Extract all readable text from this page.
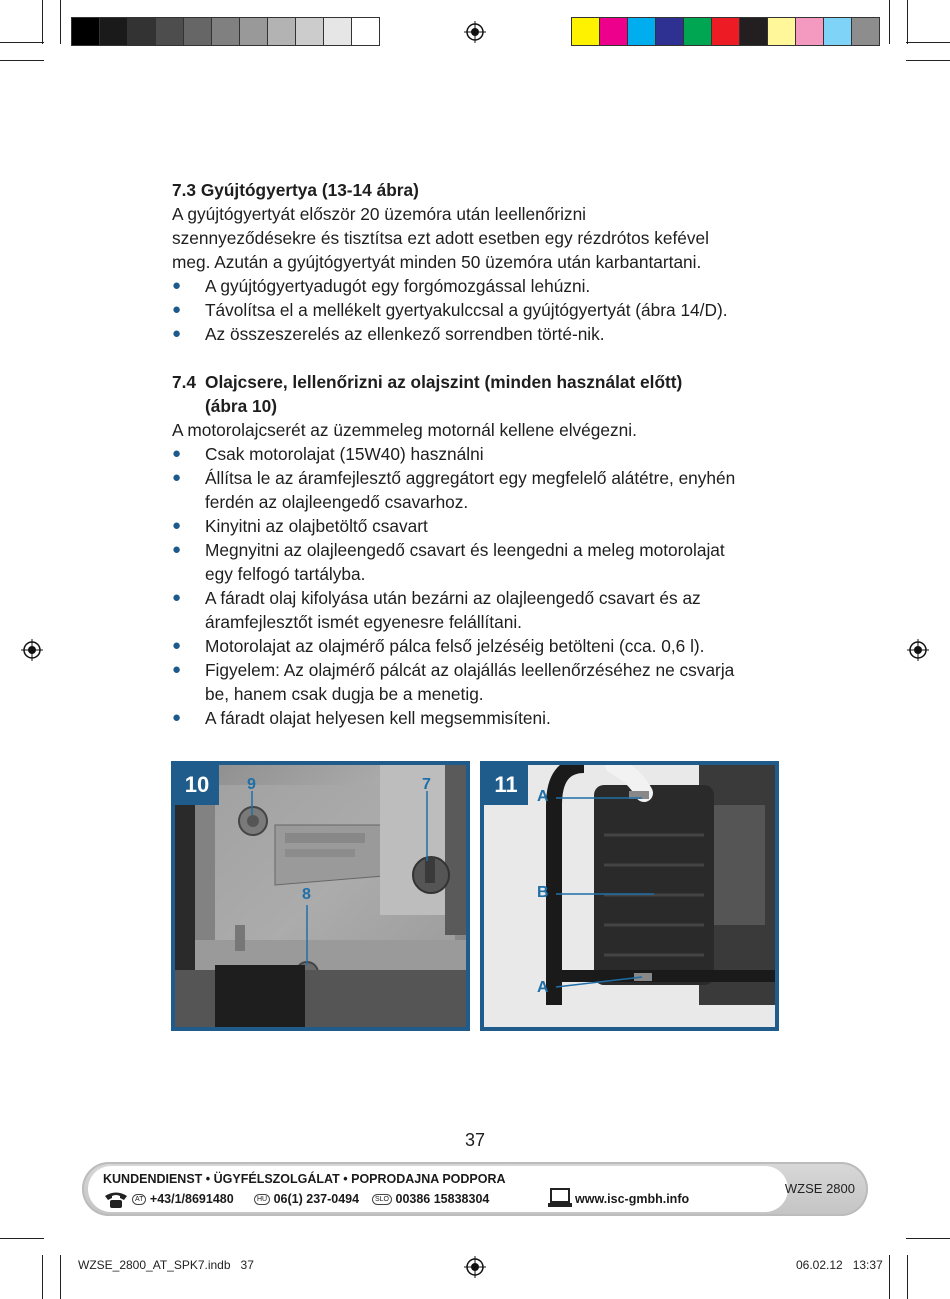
7.3 Gyújtógyertya (13-14 ábra)

A gyújtógyertyát először 20 üzemóra után leellenőrizni

szennyeződésekre és tisztítsa ezt adott esetben egy rézdrótos kefével

meg. Azután a gyújtógyertyát minden 50 üzemóra után karbantartani.

● A gyújtógyertyadugót egy forgómozgással lehúzni.
● Távolítsa el a mellékelt gyertyakulccsal a gyújtógyertyát (ábra 14/D).
● Az összeszerelés az ellenkező sorrendben törté-nik.
7.4 Olajcsere, lellenőrizni az olajszint (minden használat előtt)
(ábra 10)

A motorolajcserét az üzemmeleg motornál kellene elvégezni.

● Csak motorolajat (15W40) használni
● Állítsa le az áramfejlesztő aggregátort egy megfelelő alátétre, enyhén
ferdén az olajleengedő csavarhoz.
● Kinyitni az olajbetöltő csavart
● Megnyitni az olajleengedő csavart és leengedni a meleg motorolajat
egy felfogó tartályba.
● A fáradt olaj kifolyása után bezárni az olajleengedő csavart és az
áramfejlesztőt ismét egyenesre felállítani.
● Motorolajat az olajmérő pálca felső jelzéséig betölteni (cca. 0,6 l).
● Figyelem: Az olajmérő pálcát az olajállás leellenőrzéséhez ne csvarja
be, hanem csak dugja be a menetig.
● A fáradt olajat helyesen kell megsemmisíteni.
10	9	7
8
11	A
B
A
37
KUNDENDIENST • ÜGYFÉLSZOLGÁLAT • POPRODAJNA PODPORA
AT +43/1/8691480	HU 06(1) 237-0494	SLO 00386 15838304	www.isc-gmbh.info
WZSE 2800
WZSE_2800_AT_SPK7.indb   37	06.02.12   13:37
